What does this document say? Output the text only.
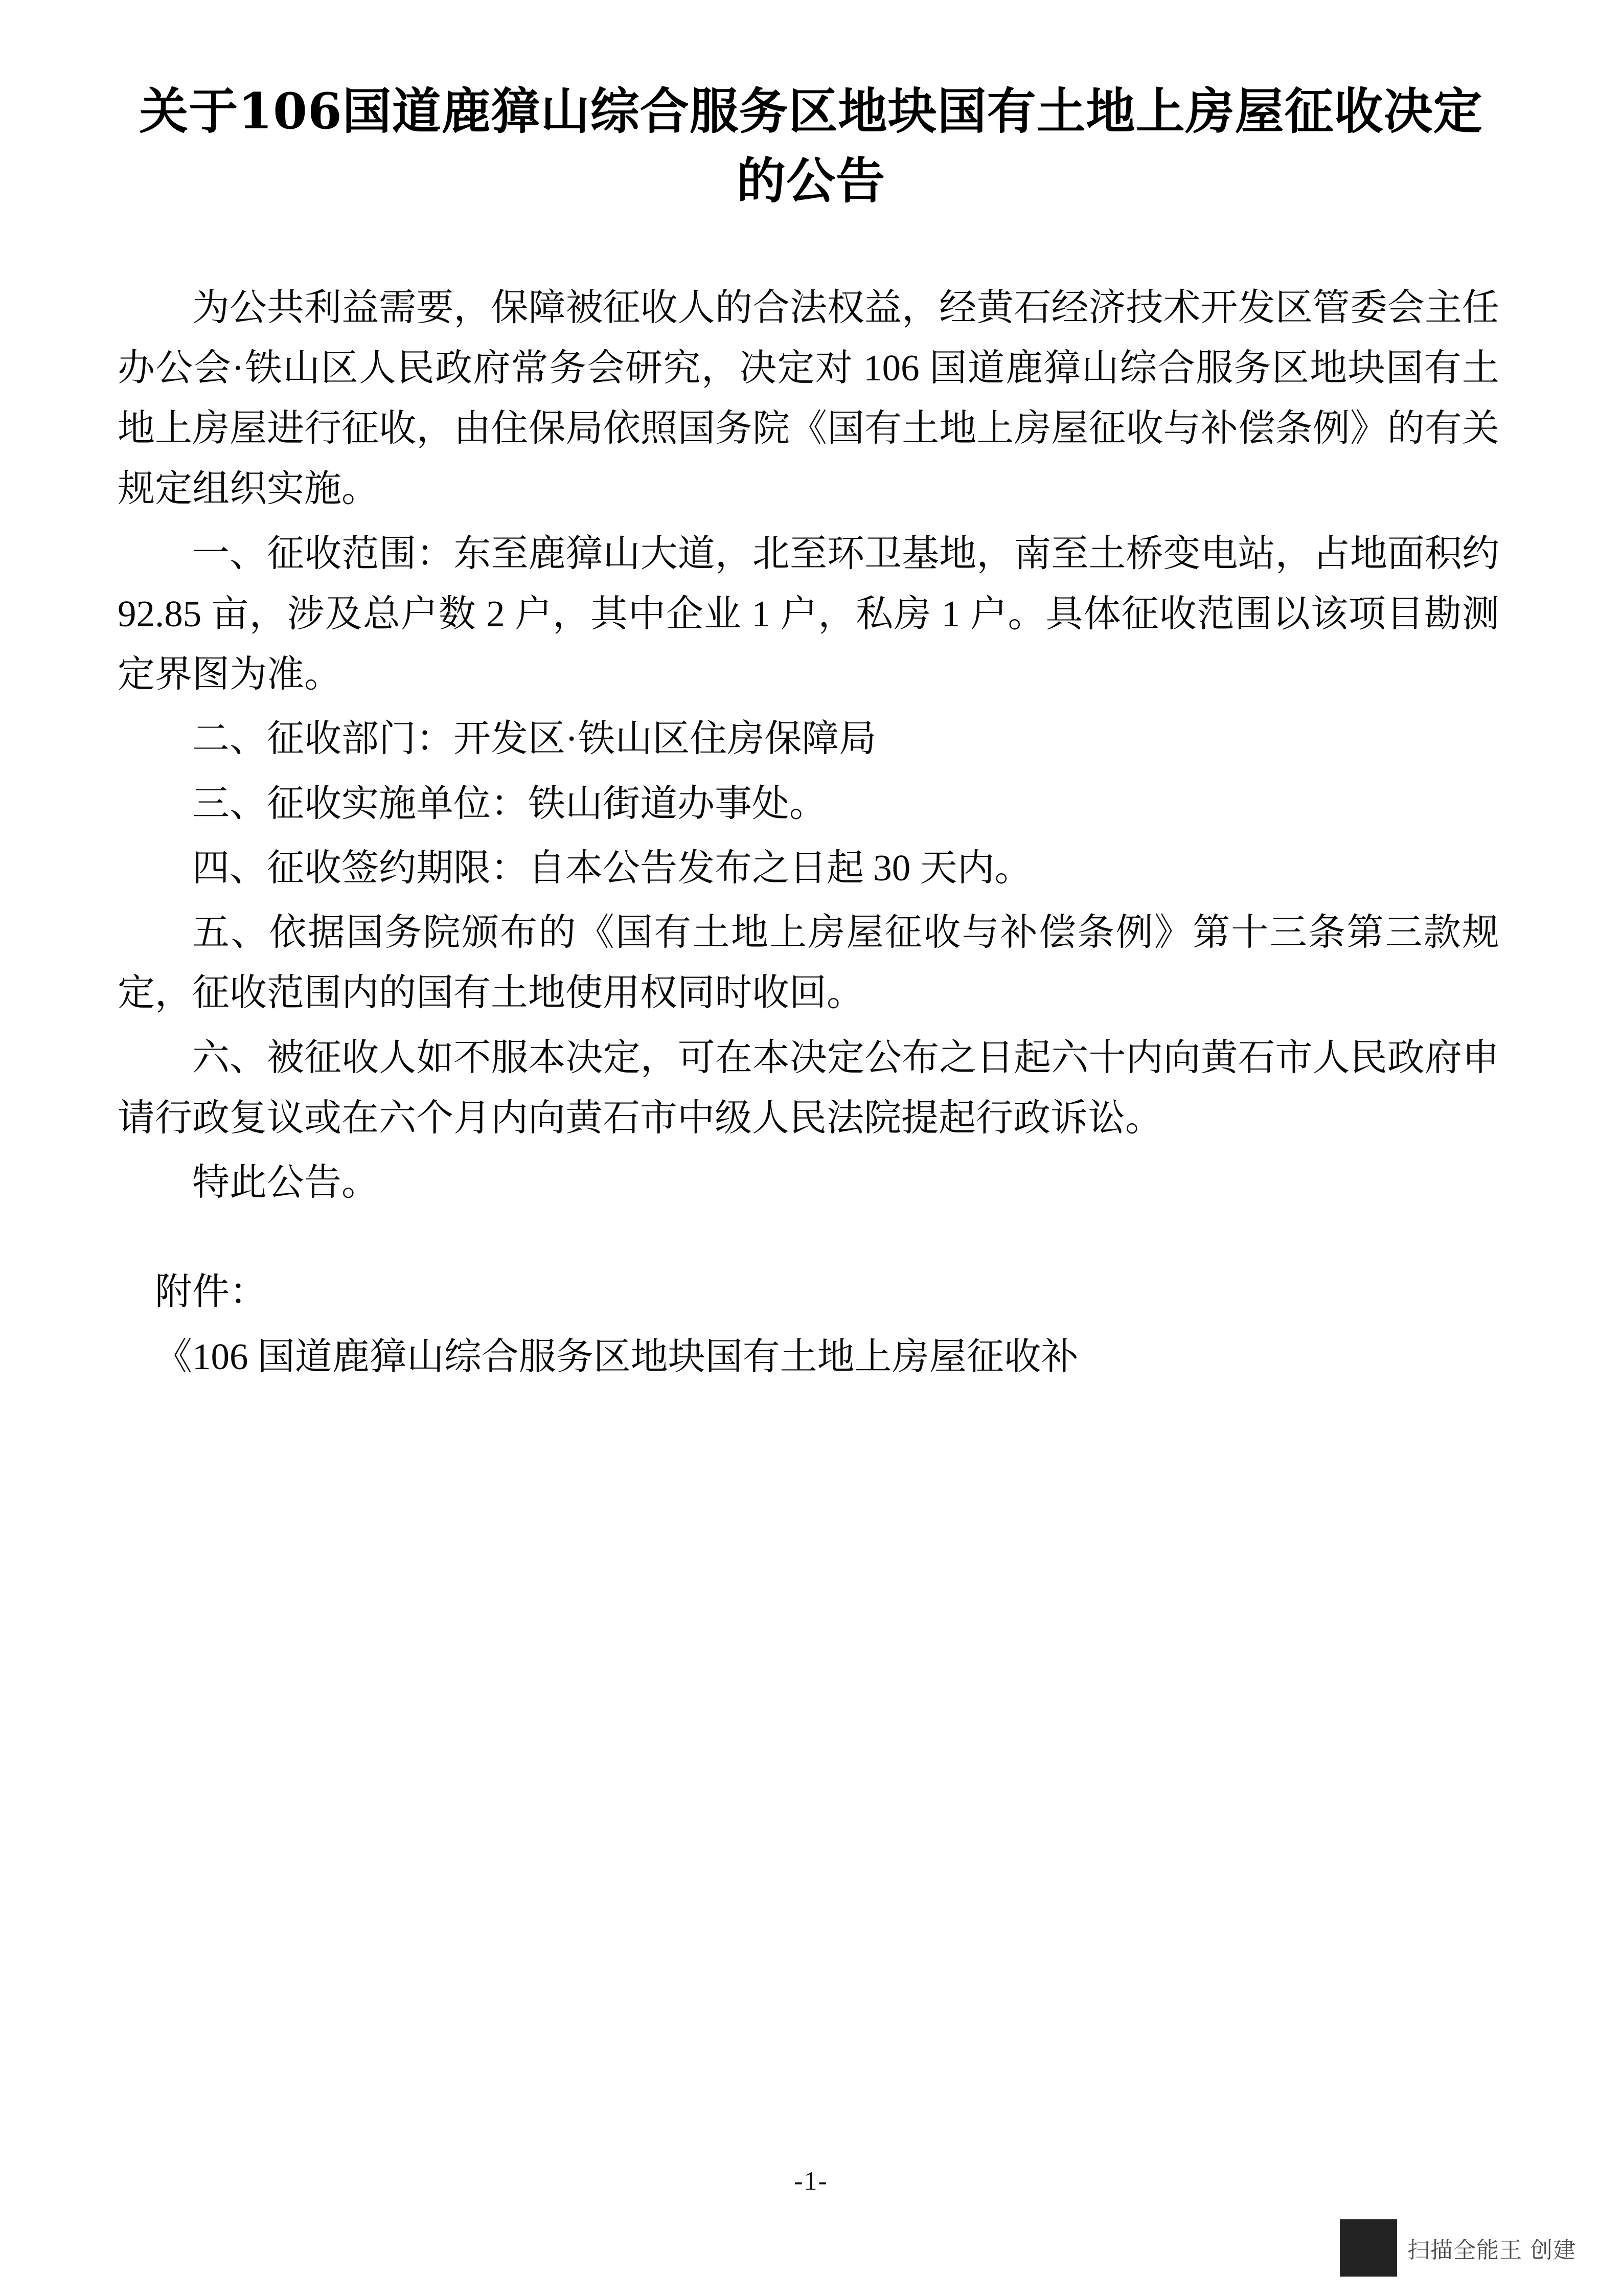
关于106国道鹿獐山综合服务区地块国有土地上房屋征收决定的公告

为公共利益需要，保障被征收人的合法权益，经黄石经济技术开发区管委会主任办公会·铁山区人民政府常务会研究，决定对 106 国道鹿獐山综合服务区地块国有土地上房屋进行征收，由住保局依照国务院《国有土地上房屋征收与补偿条例》的有关规定组织实施。

一、征收范围：东至鹿獐山大道，北至环卫基地，南至土桥变电站，占地面积约 92.85 亩，涉及总户数 2 户，其中企业 1 户，私房 1 户。具体征收范围以该项目勘测定界图为准。

二、征收部门：开发区·铁山区住房保障局

三、征收实施单位：铁山街道办事处。

四、征收签约期限：自本公告发布之日起 30 天内。

五、依据国务院颁布的《国有土地上房屋征收与补偿条例》第十三条第三款规定，征收范围内的国有土地使用权同时收回。

六、被征收人如不服本决定，可在本决定公布之日起六十内向黄石市人民政府申请行政复议或在六个月内向黄石市中级人民法院提起行政诉讼。

特此公告。

附件：

《106 国道鹿獐山综合服务区地块国有土地上房屋征收补

-1-
扫描全能王 创建
